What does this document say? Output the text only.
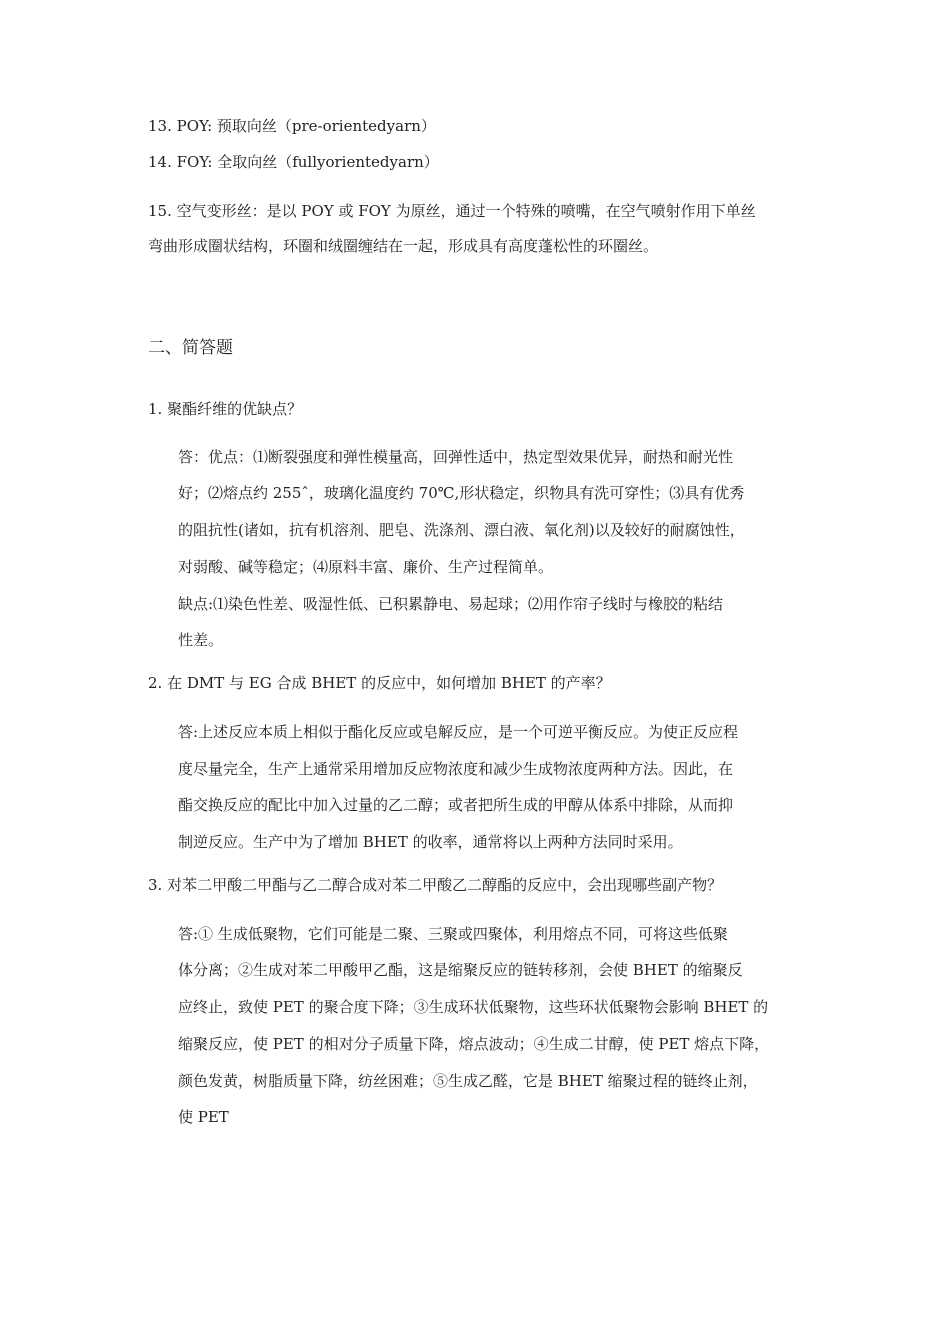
13. POY: 预取向丝（pre-orientedyarn）
14. FOY: 全取向丝（fullyorientedyarn）
15. 空气变形丝：是以 POY 或 FOY 为原丝，通过一个特殊的喷嘴，在空气喷射作用下单丝
弯曲形成圈状结构，环圈和绒圈缠结在一起，形成具有高度蓬松性的环圈丝。
二、简答题
1. 聚酯纤维的优缺点？
答：优点：⑴断裂强度和弹性模量高，回弹性适中，热定型效果优异，耐热和耐光性
好；⑵熔点约 255ˆ，玻璃化温度约 70℃,形状稳定，织物具有洗可穿性；⑶具有优秀
的阻抗性(诸如，抗有机溶剂、肥皂、洗涤剂、漂白液、氧化剂)以及较好的耐腐蚀性，
对弱酸、碱等稳定；⑷原料丰富、廉价、生产过程简单。
缺点:⑴染色性差、吸湿性低、已积累静电、易起球；⑵用作帘子线时与橡胶的粘结
性差。
2. 在 DMT 与 EG 合成 BHET 的反应中，如何增加 BHET 的产率？
答:上述反应本质上相似于酯化反应或皂解反应，是一个可逆平衡反应。为使正反应程
度尽量完全，生产上通常采用增加反应物浓度和减少生成物浓度两种方法。因此，在
酯交换反应的配比中加入过量的乙二醇；或者把所生成的甲醇从体系中排除，从而抑
制逆反应。生产中为了增加 BHET 的收率，通常将以上两种方法同时采用。
3. 对苯二甲酸二甲酯与乙二醇合成对苯二甲酸乙二醇酯的反应中，会出现哪些副产物？
答:① 生成低聚物，它们可能是二聚、三聚或四聚体，利用熔点不同，可将这些低聚
体分离；②生成对苯二甲酸甲乙酯，这是缩聚反应的链转移剂，会使 BHET 的缩聚反
应终止，致使 PET 的聚合度下降；③生成环状低聚物，这些环状低聚物会影响 BHET 的
缩聚反应，使 PET 的相对分子质量下降，熔点波动；④生成二甘醇，使 PET 熔点下降，
颜色发黄，树脂质量下降，纺丝困难；⑤生成乙醛，它是 BHET 缩聚过程的链终止剂，
使 PET
